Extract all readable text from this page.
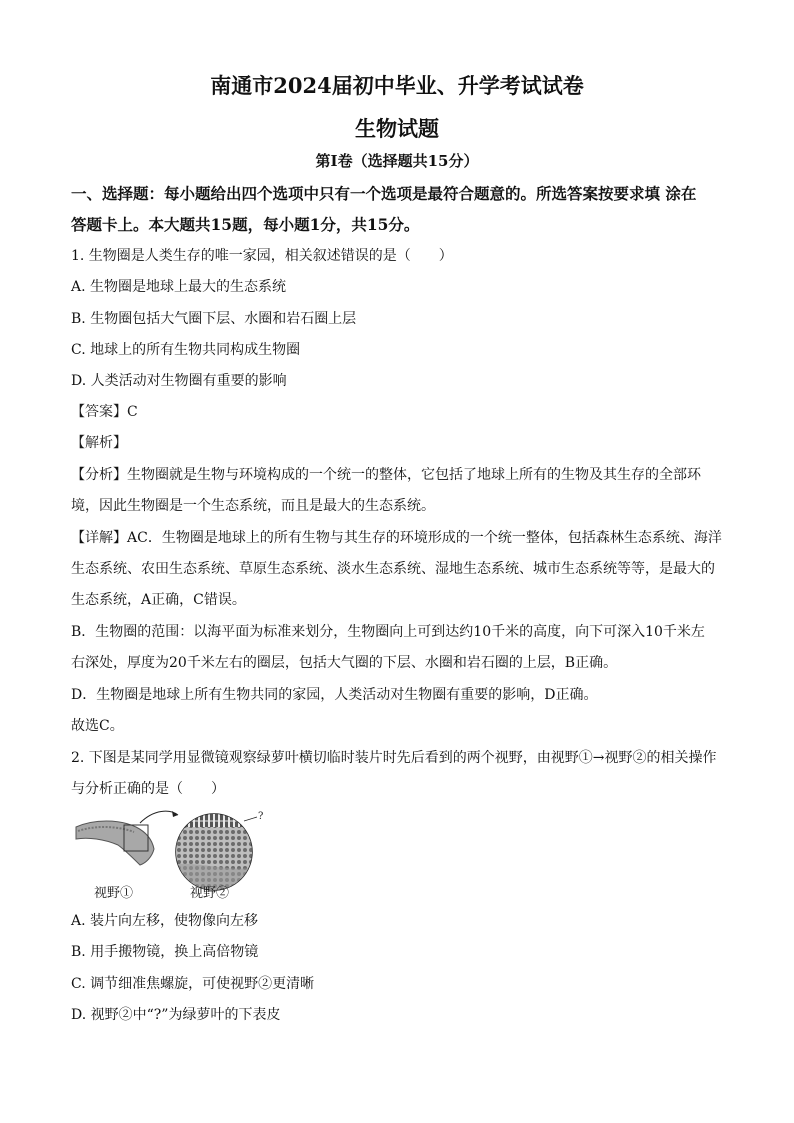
南通市2024届初中毕业、升学考试试卷
生物试题
第Ⅰ卷（选择题共15分）
一、选择题：每小题给出四个选项中只有一个选项是最符合题意的。所选答案按要求填 涂在
答题卡上。本大题共15题，每小题1分，共15分。
1. 生物圈是人类生存的唯一家园，相关叙述错误的是（　　）
A. 生物圈是地球上最大的生态系统
B. 生物圈包括大气圈下层、水圈和岩石圈上层
C. 地球上的所有生物共同构成生物圈
D. 人类活动对生物圈有重要的影响
【答案】C
【解析】
【分析】生物圈就是生物与环境构成的一个统一的整体，它包括了地球上所有的生物及其生存的全部环
境，因此生物圈是一个生态系统，而且是最大的生态系统。
【详解】AC．生物圈是地球上的所有生物与其生存的环境形成的一个统一整体，包括森林生态系统、海洋
生态系统、农田生态系统、草原生态系统、淡水生态系统、湿地生态系统、城市生态系统等等，是最大的
生态系统，A正确，C错误。
B．生物圈的范围：以海平面为标准来划分，生物圈向上可到达约10千米的高度，向下可深入10千米左
右深处，厚度为20千米左右的圈层，包括大气圈的下层、水圈和岩石圈的上层，B正确。
D．生物圈是地球上所有生物共同的家园，人类活动对生物圈有重要的影响，D正确。
故选C。
2. 下图是某同学用显微镜观察绿萝叶横切临时装片时先后看到的两个视野，由视野①→视野②的相关操作
与分析正确的是（　　）
?
视野①	视野②
A. 装片向左移，使物像向左移
B. 用手搬物镜，换上高倍物镜
C. 调节细准焦螺旋，可使视野②更清晰
D. 视野②中“?”为绿萝叶的下表皮
